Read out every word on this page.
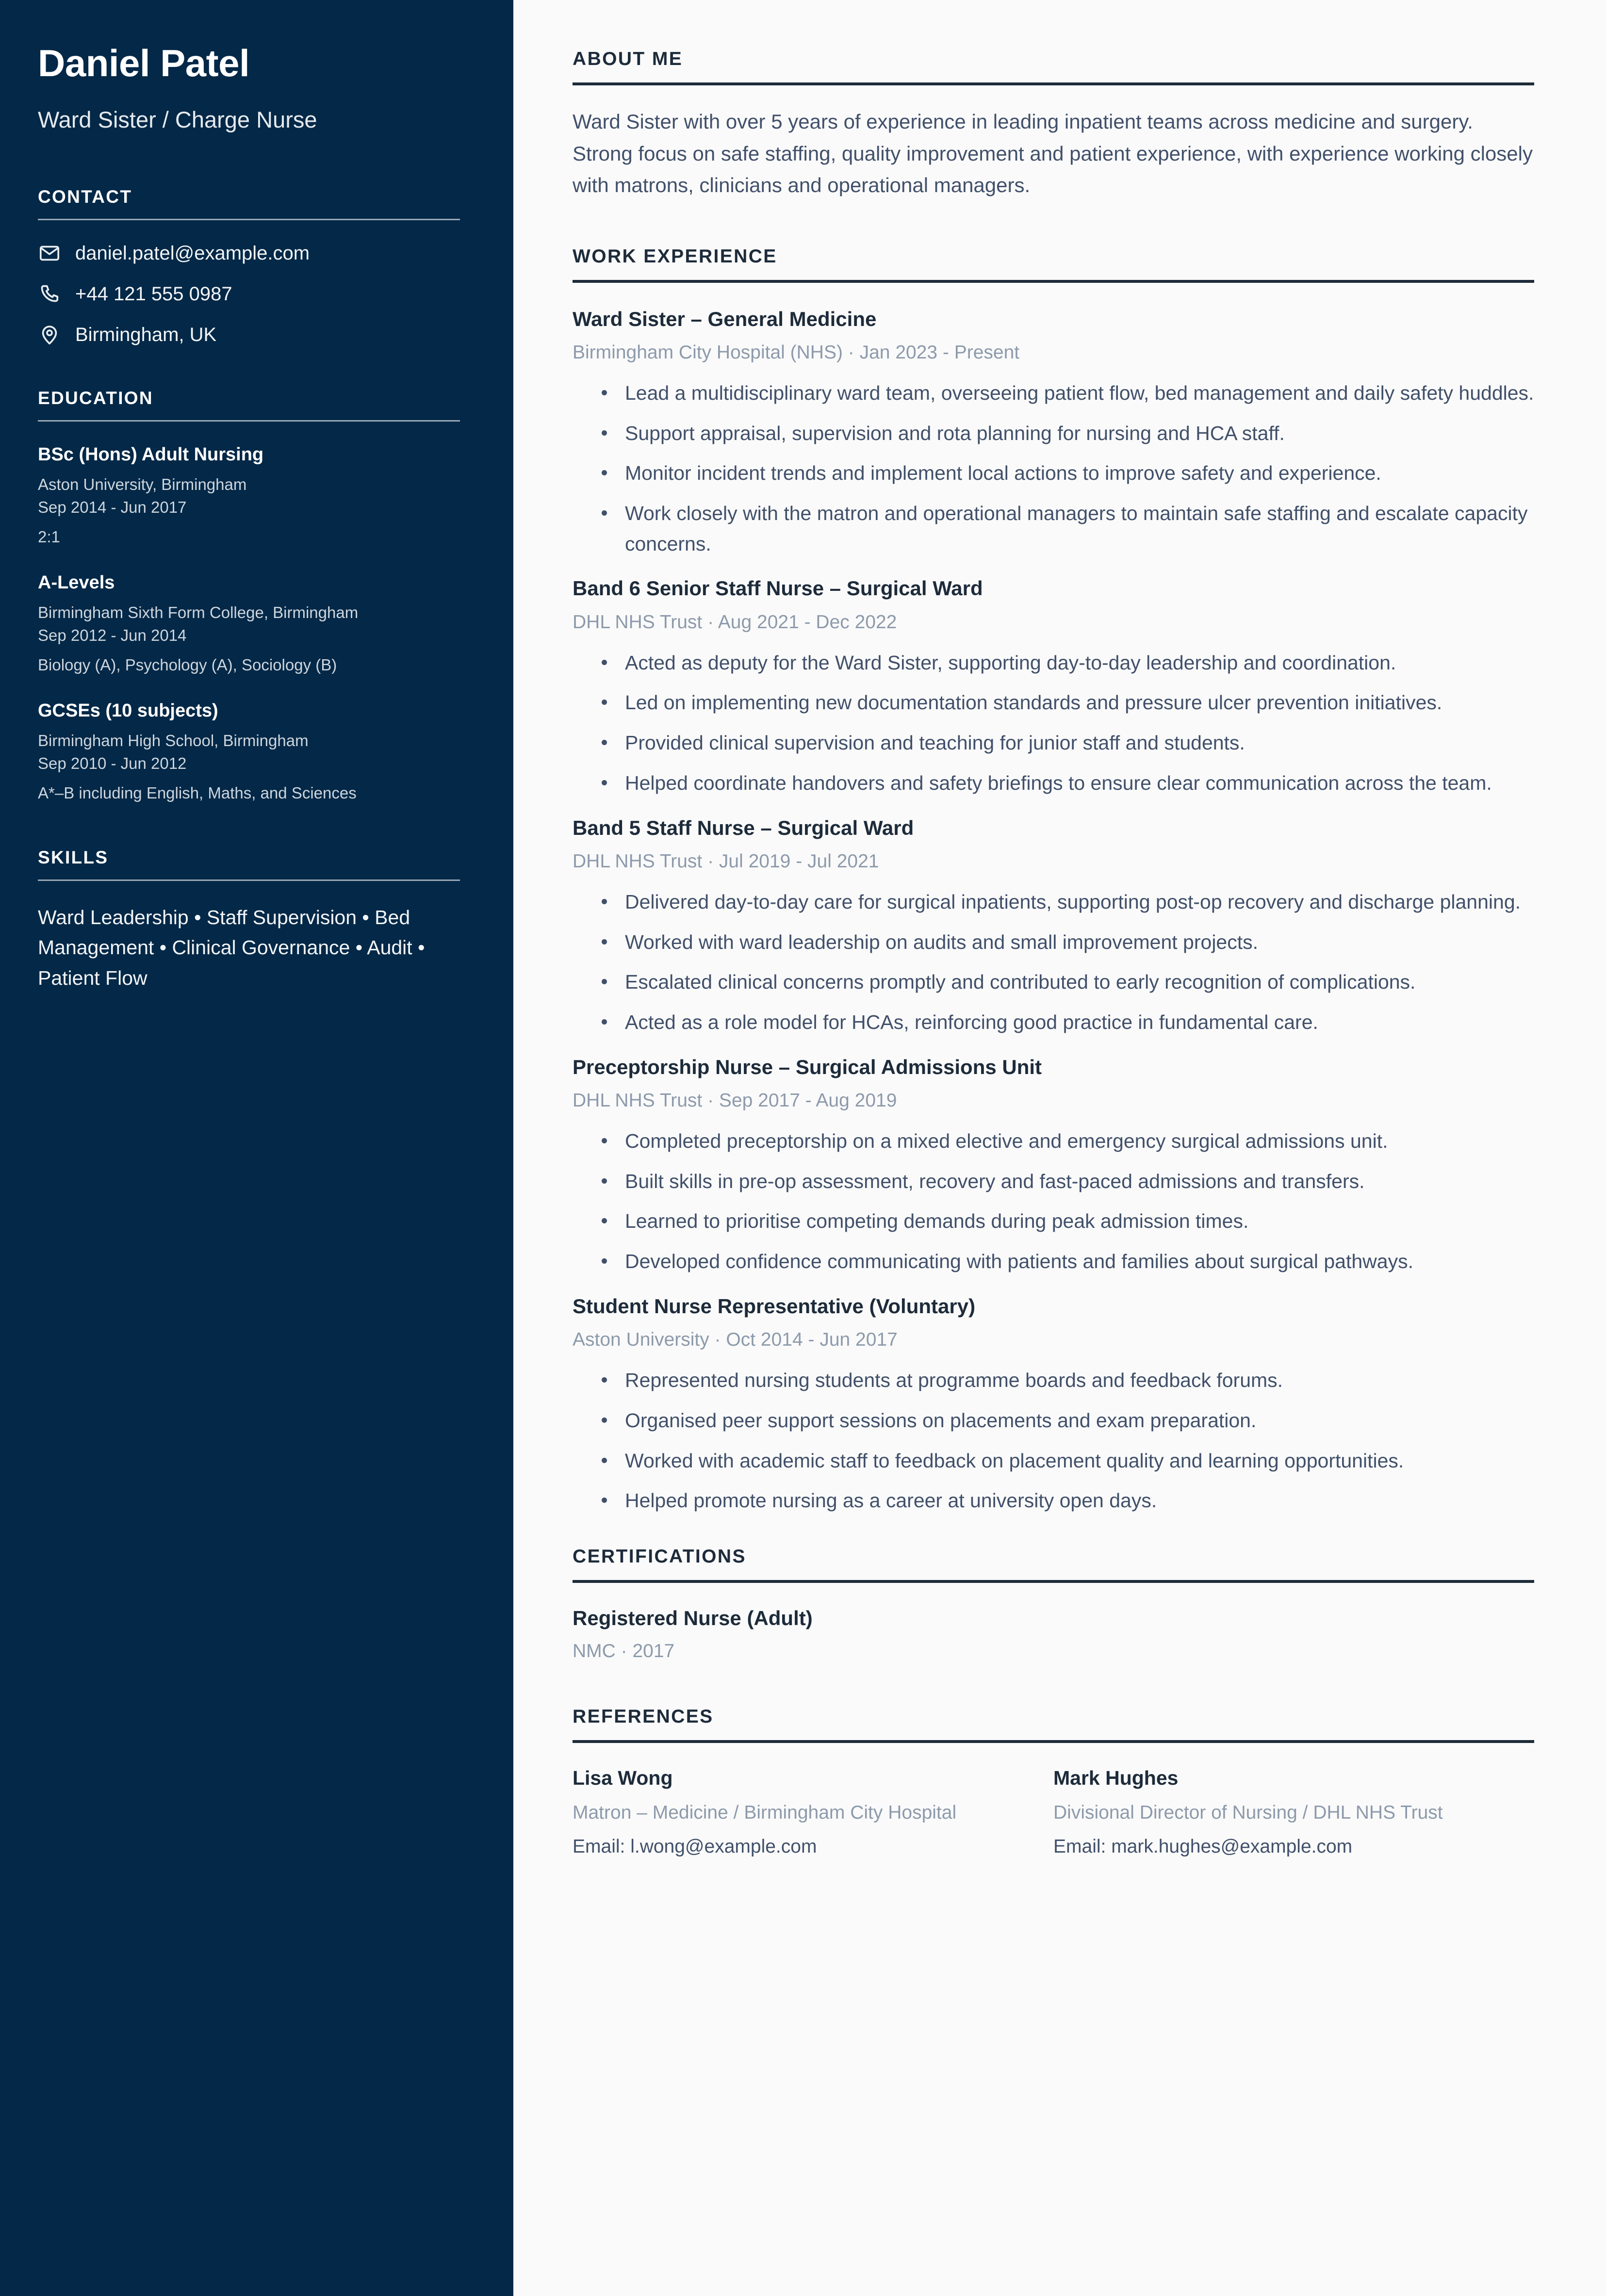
Daniel Patel
Ward Sister / Charge Nurse
CONTACT
daniel.patel@example.com
+44 121 555 0987
Birmingham, UK
EDUCATION
BSc (Hons) Adult Nursing
Aston University, Birmingham
Sep 2014 - Jun 2017
2:1
A-Levels
Birmingham Sixth Form College, Birmingham
Sep 2012 - Jun 2014
Biology (A), Psychology (A), Sociology (B)
GCSEs (10 subjects)
Birmingham High School, Birmingham
Sep 2010 - Jun 2012
A*–B including English, Maths, and Sciences
SKILLS
Ward Leadership • Staff Supervision • Bed Management • Clinical Governance • Audit • Patient Flow
ABOUT ME

Ward Sister with over 5 years of experience in leading inpatient teams across medicine and surgery. Strong focus on safe staffing, quality improvement and patient experience, with experience working closely with matrons, clinicians and operational managers.

WORK EXPERIENCE
Ward Sister – General Medicine
Birmingham City Hospital (NHS) · Jan 2023 - Present
Lead a multidisciplinary ward team, overseeing patient flow, bed management and daily safety huddles.
Support appraisal, supervision and rota planning for nursing and HCA staff.
Monitor incident trends and implement local actions to improve safety and experience.
Work closely with the matron and operational managers to maintain safe staffing and escalate capacity concerns.
Band 6 Senior Staff Nurse – Surgical Ward
DHL NHS Trust · Aug 2021 - Dec 2022
Acted as deputy for the Ward Sister, supporting day-to-day leadership and coordination.
Led on implementing new documentation standards and pressure ulcer prevention initiatives.
Provided clinical supervision and teaching for junior staff and students.
Helped coordinate handovers and safety briefings to ensure clear communication across the team.
Band 5 Staff Nurse – Surgical Ward
DHL NHS Trust · Jul 2019 - Jul 2021
Delivered day-to-day care for surgical inpatients, supporting post-op recovery and discharge planning.
Worked with ward leadership on audits and small improvement projects.
Escalated clinical concerns promptly and contributed to early recognition of complications.
Acted as a role model for HCAs, reinforcing good practice in fundamental care.
Preceptorship Nurse – Surgical Admissions Unit
DHL NHS Trust · Sep 2017 - Aug 2019
Completed preceptorship on a mixed elective and emergency surgical admissions unit.
Built skills in pre-op assessment, recovery and fast-paced admissions and transfers.
Learned to prioritise competing demands during peak admission times.
Developed confidence communicating with patients and families about surgical pathways.
Student Nurse Representative (Voluntary)
Aston University · Oct 2014 - Jun 2017
Represented nursing students at programme boards and feedback forums.
Organised peer support sessions on placements and exam preparation.
Worked with academic staff to feedback on placement quality and learning opportunities.
Helped promote nursing as a career at university open days.
CERTIFICATIONS
Registered Nurse (Adult)
NMC · 2017
REFERENCES
Lisa Wong
Matron – Medicine / Birmingham City Hospital
Email: l.wong@example.com
Mark Hughes
Divisional Director of Nursing / DHL NHS Trust
Email: mark.hughes@example.com
